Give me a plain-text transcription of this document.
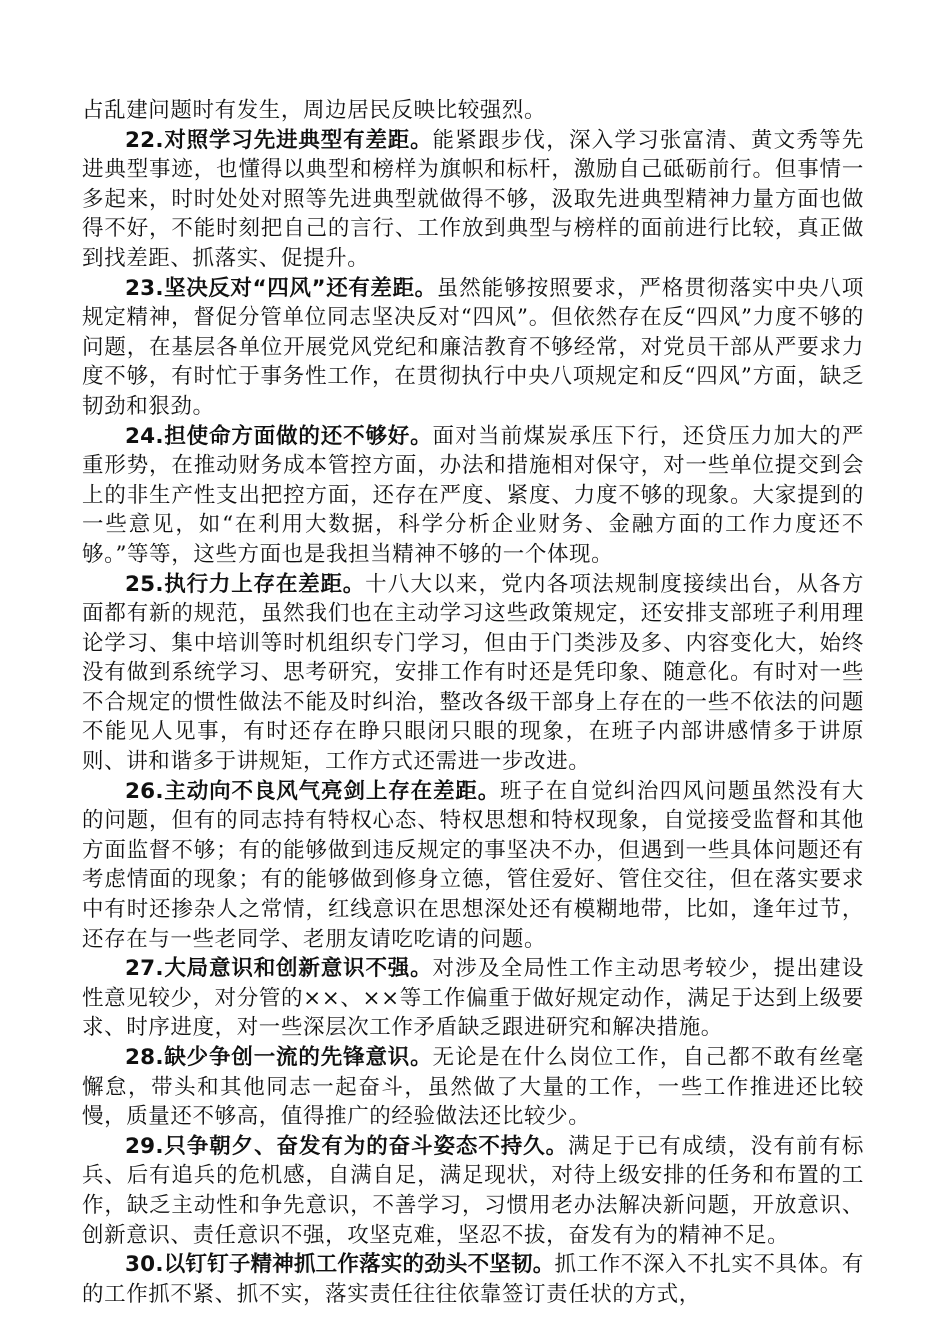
占乱建问题时有发生，周边居民反映比较强烈。

22.对照学习先进典型有差距。能紧跟步伐，深入学习张富清、黄文秀等先进典型事迹，也懂得以典型和榜样为旗帜和标杆，激励自己砥砺前行。但事情一多起来，时时处处对照等先进典型就做得不够，汲取先进典型精神力量方面也做得不好，不能时刻把自己的言行、工作放到典型与榜样的面前进行比较，真正做到找差距、抓落实、促提升。

23.坚决反对“四风”还有差距。虽然能够按照要求，严格贯彻落实中央八项规定精神，督促分管单位同志坚决反对“四风”。但依然存在反“四风”力度不够的问题，在基层各单位开展党风党纪和廉洁教育不够经常，对党员干部从严要求力度不够，有时忙于事务性工作，在贯彻执行中央八项规定和反“四风”方面，缺乏韧劲和狠劲。

24.担使命方面做的还不够好。面对当前煤炭承压下行，还贷压力加大的严重形势，在推动财务成本管控方面，办法和措施相对保守，对一些单位提交到会上的非生产性支出把控方面，还存在严度、紧度、力度不够的现象。大家提到的一些意见，如“在利用大数据，科学分析企业财务、金融方面的工作力度还不够。”等等，这些方面也是我担当精神不够的一个体现。

25.执行力上存在差距。十八大以来，党内各项法规制度接续出台，从各方面都有新的规范，虽然我们也在主动学习这些政策规定，还安排支部班子利用理论学习、集中培训等时机组织专门学习，但由于门类涉及多、内容变化大，始终没有做到系统学习、思考研究，安排工作有时还是凭印象、随意化。有时对一些不合规定的惯性做法不能及时纠治，整改各级干部身上存在的一些不依法的问题不能见人见事，有时还存在睁只眼闭只眼的现象，在班子内部讲感情多于讲原则、讲和谐多于讲规矩，工作方式还需进一步改进。

26.主动向不良风气亮剑上存在差距。班子在自觉纠治四风问题虽然没有大的问题，但有的同志持有特权心态、特权思想和特权现象，自觉接受监督和其他方面监督不够；有的能够做到违反规定的事坚决不办，但遇到一些具体问题还有考虑情面的现象；有的能够做到修身立德，管住爱好、管住交往，但在落实要求中有时还掺杂人之常情，红线意识在思想深处还有模糊地带，比如，逢年过节，还存在与一些老同学、老朋友请吃吃请的问题。

27.大局意识和创新意识不强。对涉及全局性工作主动思考较少，提出建设性意见较少，对分管的××、××等工作偏重于做好规定动作，满足于达到上级要求、时序进度，对一些深层次工作矛盾缺乏跟进研究和解决措施。

28.缺少争创一流的先锋意识。无论是在什么岗位工作，自己都不敢有丝毫懈怠，带头和其他同志一起奋斗，虽然做了大量的工作，一些工作推进还比较慢，质量还不够高，值得推广的经验做法还比较少。

29.只争朝夕、奋发有为的奋斗姿态不持久。满足于已有成绩，没有前有标兵、后有追兵的危机感，自满自足，满足现状，对待上级安排的任务和布置的工作，缺乏主动性和争先意识，不善学习，习惯用老办法解决新问题，开放意识、创新意识、责任意识不强，攻坚克难，坚忍不拔，奋发有为的精神不足。

30.以钉钉子精神抓工作落实的劲头不坚韧。抓工作不深入不扎实不具体。有的工作抓不紧、抓不实，落实责任往往依靠签订责任状的方式，
